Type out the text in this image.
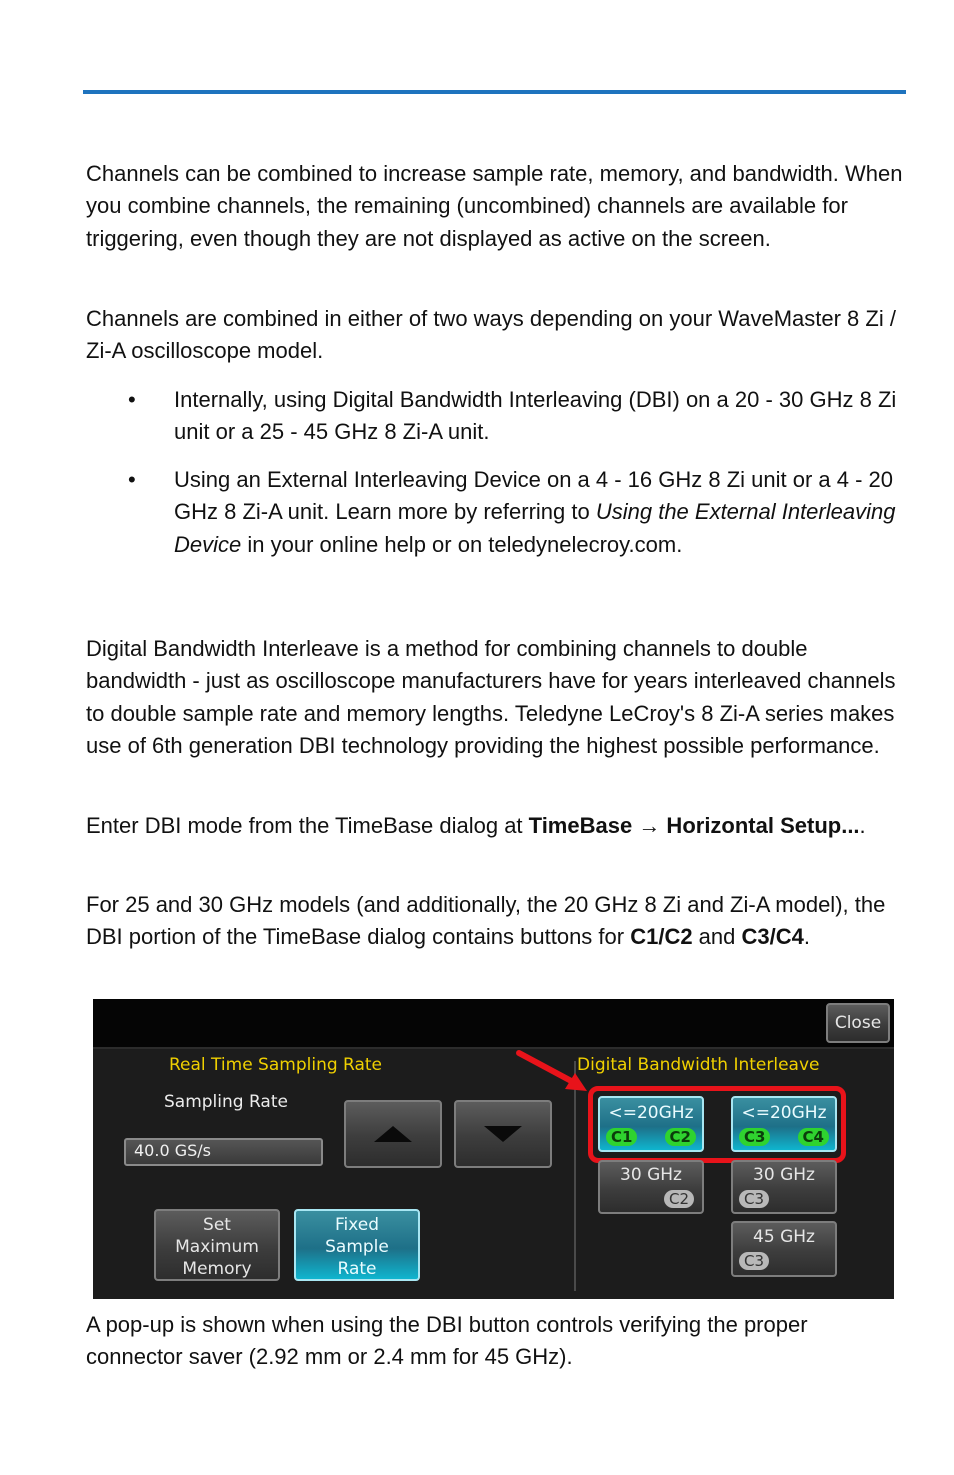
Channels can be combined to increase sample rate, memory, and bandwidth. When you combine channels, the remaining (uncombined) channels are available for triggering, even though they are not displayed as active on the screen.

Channels are combined in either of two ways depending on your WaveMaster 8 Zi / Zi-A oscilloscope model.

•	Internally, using Digital Bandwidth Interleaving (DBI) on a 20 - 30 GHz 8 Zi unit or a 25 - 45 GHz 8 Zi-A unit.
•	Using an External Interleaving Device on a 4 - 16 GHz 8 Zi unit or a 4 - 20 GHz 8 Zi-A unit. Learn more by referring to Using the External Interleaving Device in your online help or on teledynelecroy.com.

Digital Bandwidth Interleave is a method for combining channels to double bandwidth - just as oscilloscope manufacturers have for years interleaved channels to double sample rate and memory lengths. Teledyne LeCroy's 8 Zi-A series makes use of 6th generation DBI technology providing the highest possible performance.

Enter DBI mode from the TimeBase dialog at TimeBase → Horizontal Setup....

For 25 and 30 GHz models (and additionally, the 20 GHz 8 Zi and Zi-A model), the DBI portion of the TimeBase dialog contains buttons for C1/C2 and C3/C4.

Close
Real Time Sampling Rate
Sampling Rate
40.0 GS/s
Set
Maximum
Memory
Fixed
Sample
Rate
Digital Bandwidth Interleave
<=20GHz
C1	C2
<=20GHz
C3	C4
30 GHz
C2
30 GHz
C3
45 GHz
C3

A pop-up is shown when using the DBI button controls verifying the proper connector saver (2.92 mm or 2.4 mm for 45 GHz).
